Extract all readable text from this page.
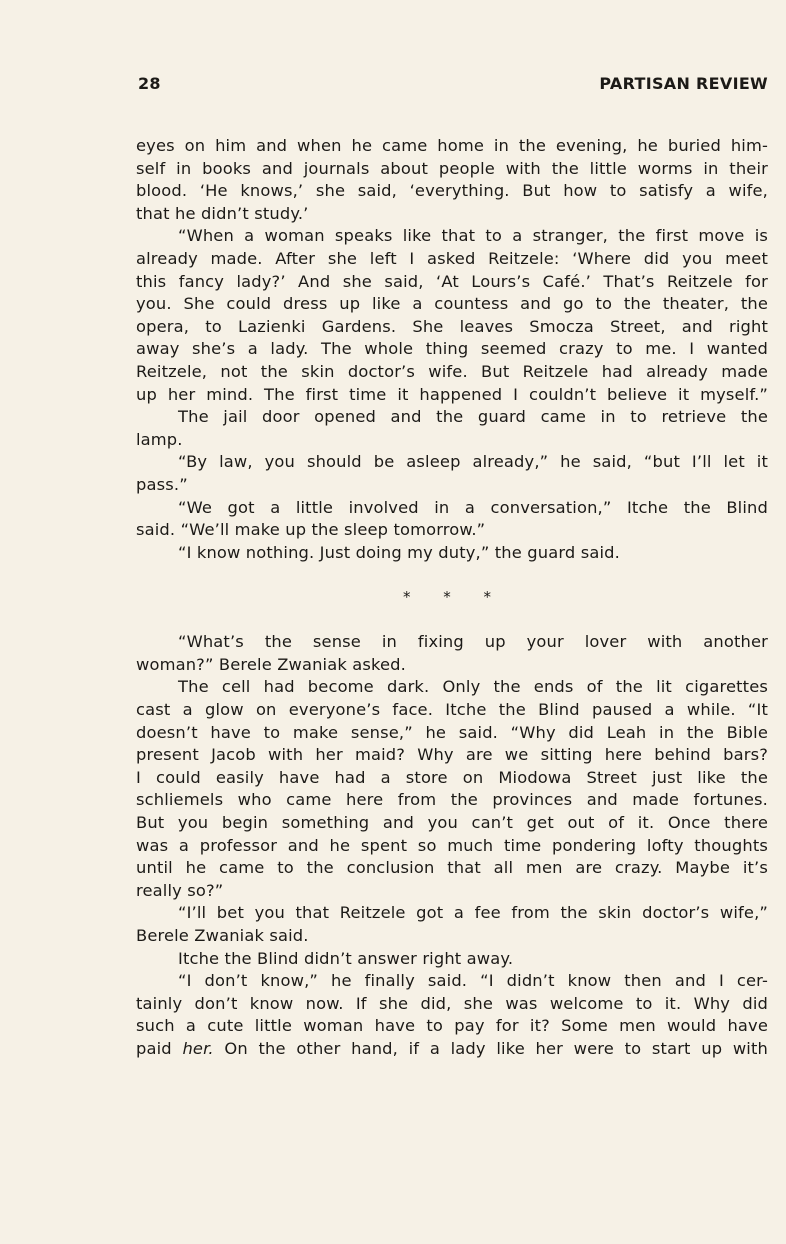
28	PARTISAN REVIEW
eyes on him and when he came home in the evening, he buried him-
self in books and journals about people with the little worms in their
blood. ‘He knows,’ she said, ‘everything. But how to satisfy a wife,
that he didn’t study.’
“When a woman speaks like that to a stranger, the first move is
already made. After she left I asked Reitzele: ‘Where did you meet
this fancy lady?’ And she said, ‘At Lours’s Café.’ That’s Reitzele for
you. She could dress up like a countess and go to the theater, the
opera, to Lazienki Gardens. She leaves Smocza Street, and right
away she’s a lady. The whole thing seemed crazy to me. I wanted
Reitzele, not the skin doctor’s wife. But Reitzele had already made
up her mind. The first time it happened I couldn’t believe it myself.”
The jail door opened and the guard came in to retrieve the
lamp.
“By law, you should be asleep already,” he said, “but I’ll let it
pass.”
“We got a little involved in a conversation,” Itche the Blind
said. “We’ll make up the sleep tomorrow.”
“I know nothing. Just doing my duty,” the guard said.
* * *
“What’s the sense in fixing up your lover with another
woman?” Berele Zwaniak asked.
The cell had become dark. Only the ends of the lit cigarettes
cast a glow on everyone’s face. Itche the Blind paused a while. “It
doesn’t have to make sense,” he said. “Why did Leah in the Bible
present Jacob with her maid? Why are we sitting here behind bars?
I could easily have had a store on Miodowa Street just like the
schliemels who came here from the provinces and made fortunes.
But you begin something and you can’t get out of it. Once there
was a professor and he spent so much time pondering lofty thoughts
until he came to the conclusion that all men are crazy. Maybe it’s
really so?”
“I’ll bet you that Reitzele got a fee from the skin doctor’s wife,”
Berele Zwaniak said.
Itche the Blind didn’t answer right away.
“I don’t know,” he finally said. “I didn’t know then and I cer-
tainly don’t know now. If she did, she was welcome to it. Why did
such a cute little woman have to pay for it? Some men would have
paid her. On the other hand, if a lady like her were to start up with
